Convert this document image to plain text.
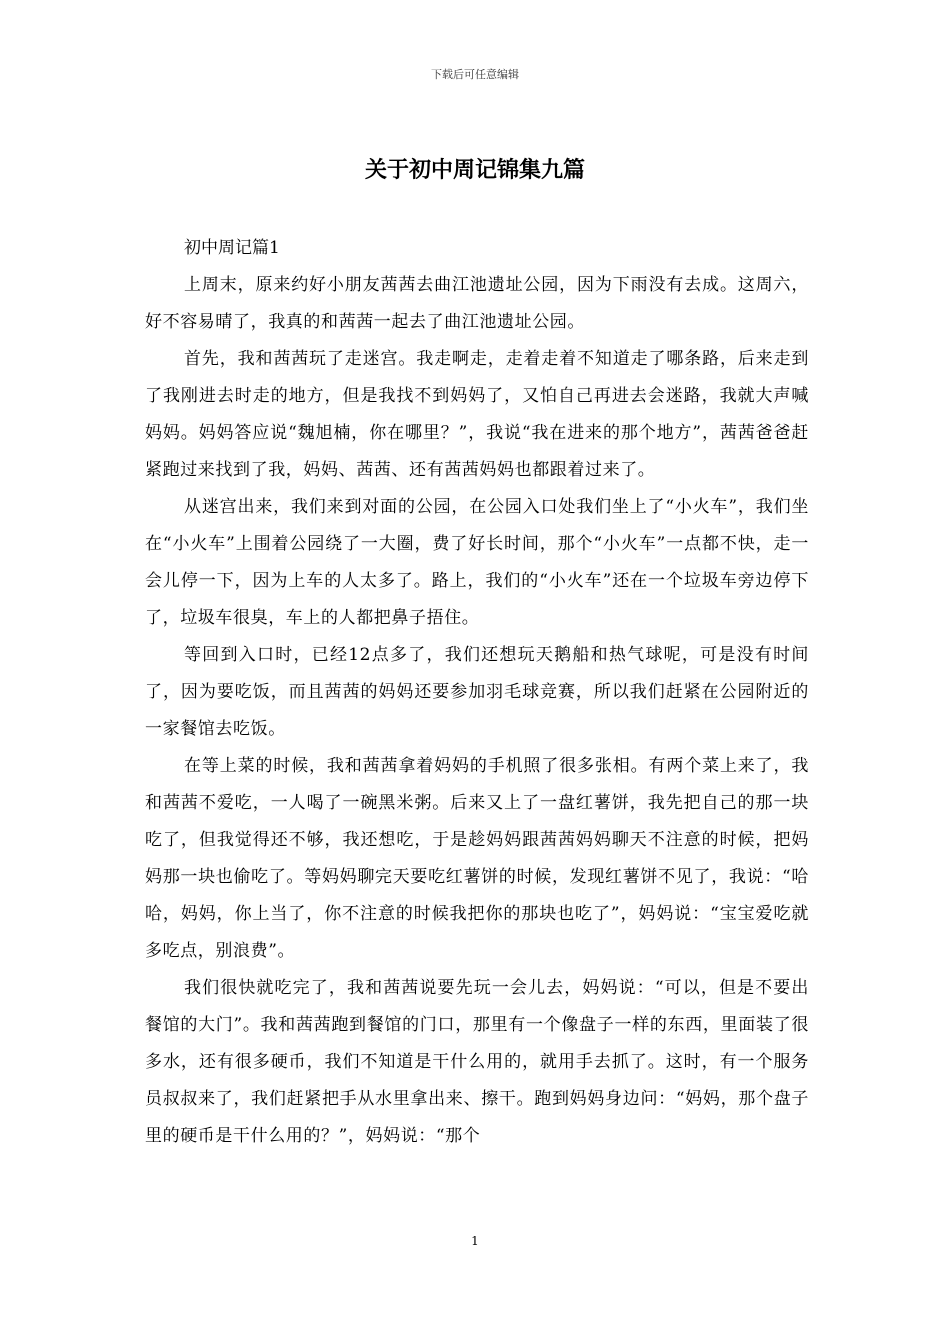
下载后可任意编辑
关于初中周记锦集九篇

初中周记篇1

上周末，原来约好小朋友茜茜去曲江池遗址公园，因为下雨没有去成。这周六，好不容易晴了，我真的和茜茜一起去了曲江池遗址公园。

首先，我和茜茜玩了走迷宫。我走啊走，走着走着不知道走了哪条路，后来走到了我刚进去时走的地方，但是我找不到妈妈了，又怕自己再进去会迷路，我就大声喊妈妈。妈妈答应说“魏旭楠，你在哪里？”，我说“我在进来的那个地方”，茜茜爸爸赶紧跑过来找到了我，妈妈、茜茜、还有茜茜妈妈也都跟着过来了。

从迷宫出来，我们来到对面的公园，在公园入口处我们坐上了“小火车”，我们坐在“小火车”上围着公园绕了一大圈，费了好长时间，那个“小火车”一点都不快，走一会儿停一下，因为上车的人太多了。路上，我们的“小火车”还在一个垃圾车旁边停下了，垃圾车很臭，车上的人都把鼻子捂住。

等回到入口时，已经12点多了，我们还想玩天鹅船和热气球呢，可是没有时间了，因为要吃饭，而且茜茜的妈妈还要参加羽毛球竞赛，所以我们赶紧在公园附近的一家餐馆去吃饭。

在等上菜的时候，我和茜茜拿着妈妈的手机照了很多张相。有两个菜上来了，我和茜茜不爱吃，一人喝了一碗黑米粥。后来又上了一盘红薯饼，我先把自己的那一块吃了，但我觉得还不够，我还想吃，于是趁妈妈跟茜茜妈妈聊天不注意的时候，把妈妈那一块也偷吃了。等妈妈聊完天要吃红薯饼的时候，发现红薯饼不见了，我说：“哈哈，妈妈，你上当了，你不注意的时候我把你的那块也吃了”，妈妈说：“宝宝爱吃就多吃点，别浪费”。

我们很快就吃完了，我和茜茜说要先玩一会儿去，妈妈说：“可以，但是不要出餐馆的大门”。我和茜茜跑到餐馆的门口，那里有一个像盘子一样的东西，里面装了很多水，还有很多硬币，我们不知道是干什么用的，就用手去抓了。这时，有一个服务员叔叔来了，我们赶紧把手从水里拿出来、擦干。跑到妈妈身边问：“妈妈，那个盘子里的硬币是干什么用的？”，妈妈说：“那个

1
